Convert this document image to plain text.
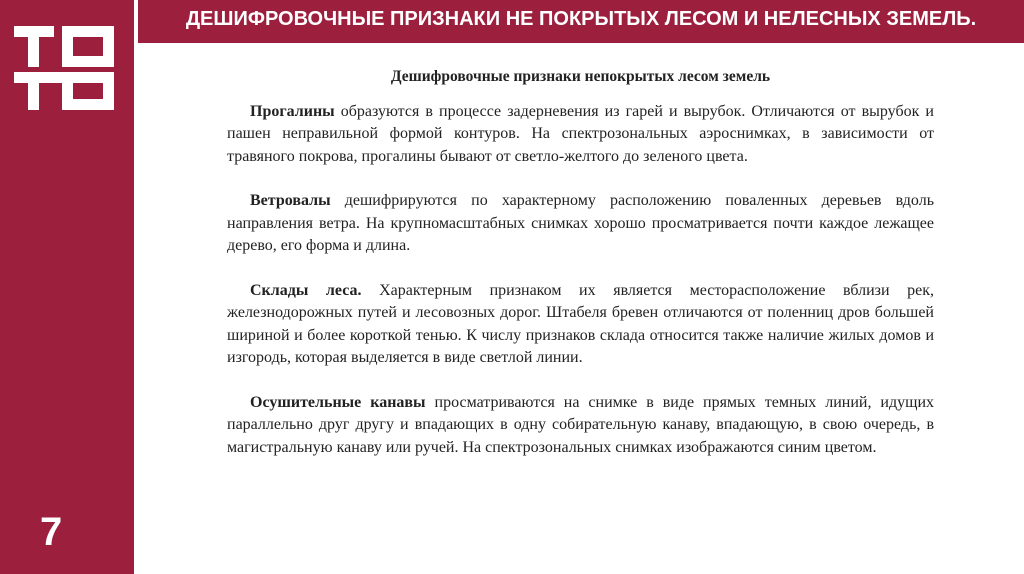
7
ДЕШИФРОВОЧНЫЕ ПРИЗНАКИ НЕ ПОКРЫТЫХ ЛЕСОМ И НЕЛЕСНЫХ ЗЕМЕЛЬ.
Дешифровочные признаки непокрытых лесом земель

Прогалины образуются в процессе задерневения из гарей и вырубок. Отличаются от вырубок и пашен неправильной формой контуров. На спектрозональных аэроснимках, в зависимости от травяного покрова, прогалины бывают от светло-желтого до зеленого цвета.

Ветровалы дешифрируются по характерному расположению поваленных деревьев вдоль направления ветра. На крупномасштабных снимках хорошо просматривается почти каждое лежащее дерево, его форма и длина.

Склады леса. Характерным признаком их является месторасположение вблизи рек, железнодорожных путей и лесовозных дорог. Штабеля бревен отличаются от поленниц дров большей шириной и более короткой тенью. К числу признаков склада относится также наличие жилых домов и изгородь, которая выделяется в виде светлой линии.

Осушительные канавы просматриваются на снимке в виде прямых темных линий, идущих параллельно друг другу и впадающих в одну собирательную канаву, впадающую, в свою очередь, в магистральную канаву или ручей. На спектрозональных снимках изображаются синим цветом.
